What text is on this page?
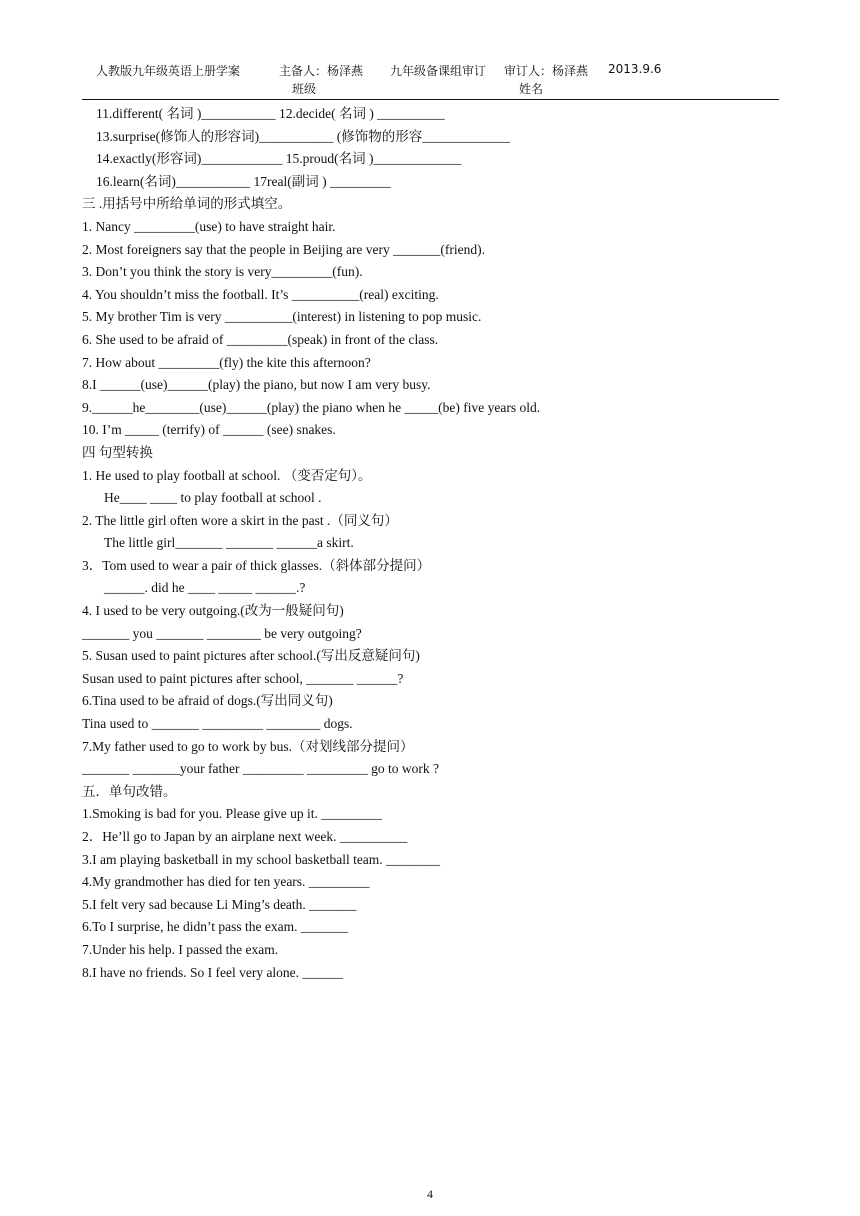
人教版九年级英语上册学案	主备人：杨泽燕 九年级备课组审订 审订人：杨泽燕 2013.9.6
班级	姓名
11.different( 名词 )___________ 12.decide( 名词 ) __________
13.surprise(修饰人的形容词)___________ (修饰物的形容_____________
14.exactly(形容词)____________ 15.proud(名词 )_____________
16.learn(名词)___________ 17real(副词 ) _________
三 .用括号中所给单词的形式填空。
1. Nancy _________(use) to have straight hair.
2. Most foreigners say that the people in Beijing are very _______(friend).
3. Don’t you think the story is very_________(fun).
4. You shouldn’t miss the football. It’s __________(real) exciting.
5. My brother Tim is very __________(interest) in listening to pop music.
6. She used to be afraid of _________(speak) in front of the class.
7. How about _________(fly) the kite this afternoon?
8.I ______(use)______(play) the piano, but now I am very busy.
9.______he________(use)______(play) the piano when he _____(be) five years old.
10. I’m _____ (terrify) of ______ (see) snakes.
四 句型转换
1. He used to play football at school. （变否定句）。
He____ ____ to play football at school .
2. The little girl often wore a skirt in the past .（同义句）
The little girl_______ _______ ______a skirt.
3．Tom used to wear a pair of thick glasses.（斜体部分提问）
______. did he ____ _____ ______.?
4. I used to be very outgoing.(改为一般疑问句)
_______ you _______ ________ be very outgoing?
5. Susan used to paint pictures after school.(写出反意疑问句)
Susan used to paint pictures after school, _______ ______?
6.Tina used to be afraid of dogs.(写出同义句)
Tina used to _______ _________ ________ dogs.
7.My father used to go to work by bus.（对划线部分提问）
_______ _______your father _________ _________ go to work ?
五．单句改错。
1.Smoking is bad for you. Please give up it. _________
2．He’ll go to Japan by an airplane next week. __________
3.I am playing basketball in my school basketball team. ________
4.My grandmother has died for ten years. _________
5.I felt very sad because Li Ming’s death. _______
6.To I surprise, he didn’t pass the exam. _______
7.Under his help. I passed the exam.
8.I have no friends. So I feel very alone. ______
4
